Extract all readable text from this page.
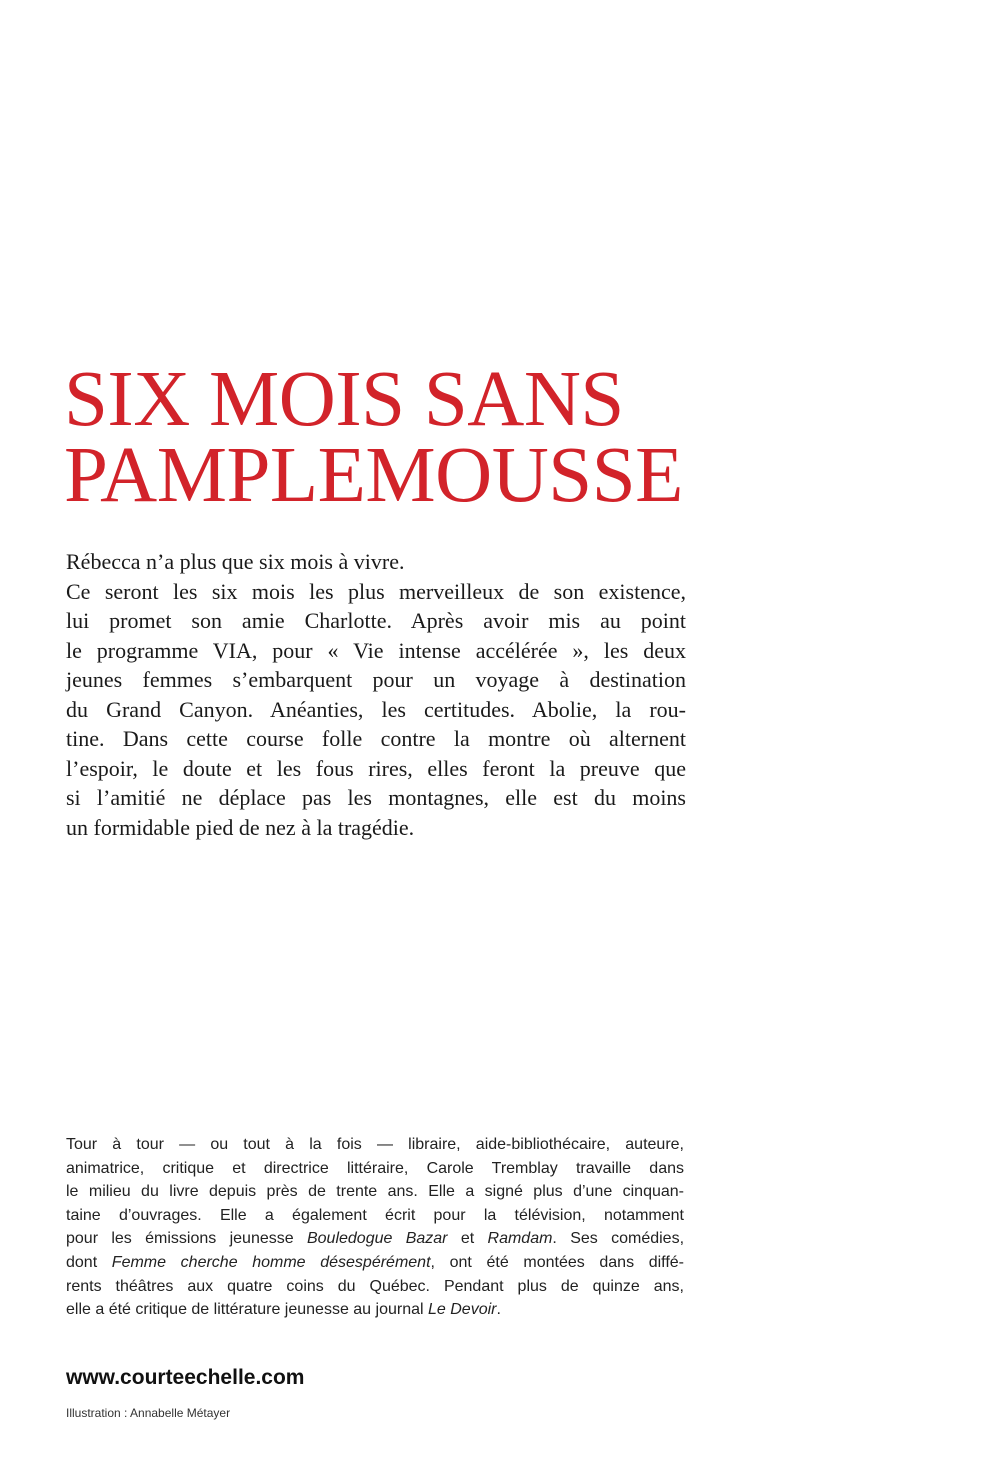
SIX MOIS SANS
PAMPLEMOUSSE
Rébecca n’a plus que six mois à vivre.
Ce seront les six mois les plus merveilleux de son existence,
lui promet son amie Charlotte. Après avoir mis au point
le programme VIA, pour « Vie intense accélérée », les deux
jeunes femmes s’embarquent pour un voyage à destination
du Grand Canyon. Anéanties, les certitudes. Abolie, la rou-
tine. Dans cette course folle contre la montre où alternent
l’espoir, le doute et les fous rires, elles feront la preuve que
si l’amitié ne déplace pas les montagnes, elle est du moins
un formidable pied de nez à la tragédie.
Tour à tour — ou tout à la fois — libraire, aide-bibliothécaire, auteure,
animatrice, critique et directrice littéraire, Carole Tremblay travaille dans
le milieu du livre depuis près de trente ans. Elle a signé plus d’une cinquan-
taine d’ouvrages. Elle a également écrit pour la télévision, notamment
pour les émissions jeunesse Bouledogue Bazar et Ramdam. Ses comédies,
dont Femme cherche homme désespérément, ont été montées dans diffé-
rents théâtres aux quatre coins du Québec. Pendant plus de quinze ans,
elle a été critique de littérature jeunesse au journal Le Devoir.
www.courteechelle.com
Illustration : Annabelle Métayer
